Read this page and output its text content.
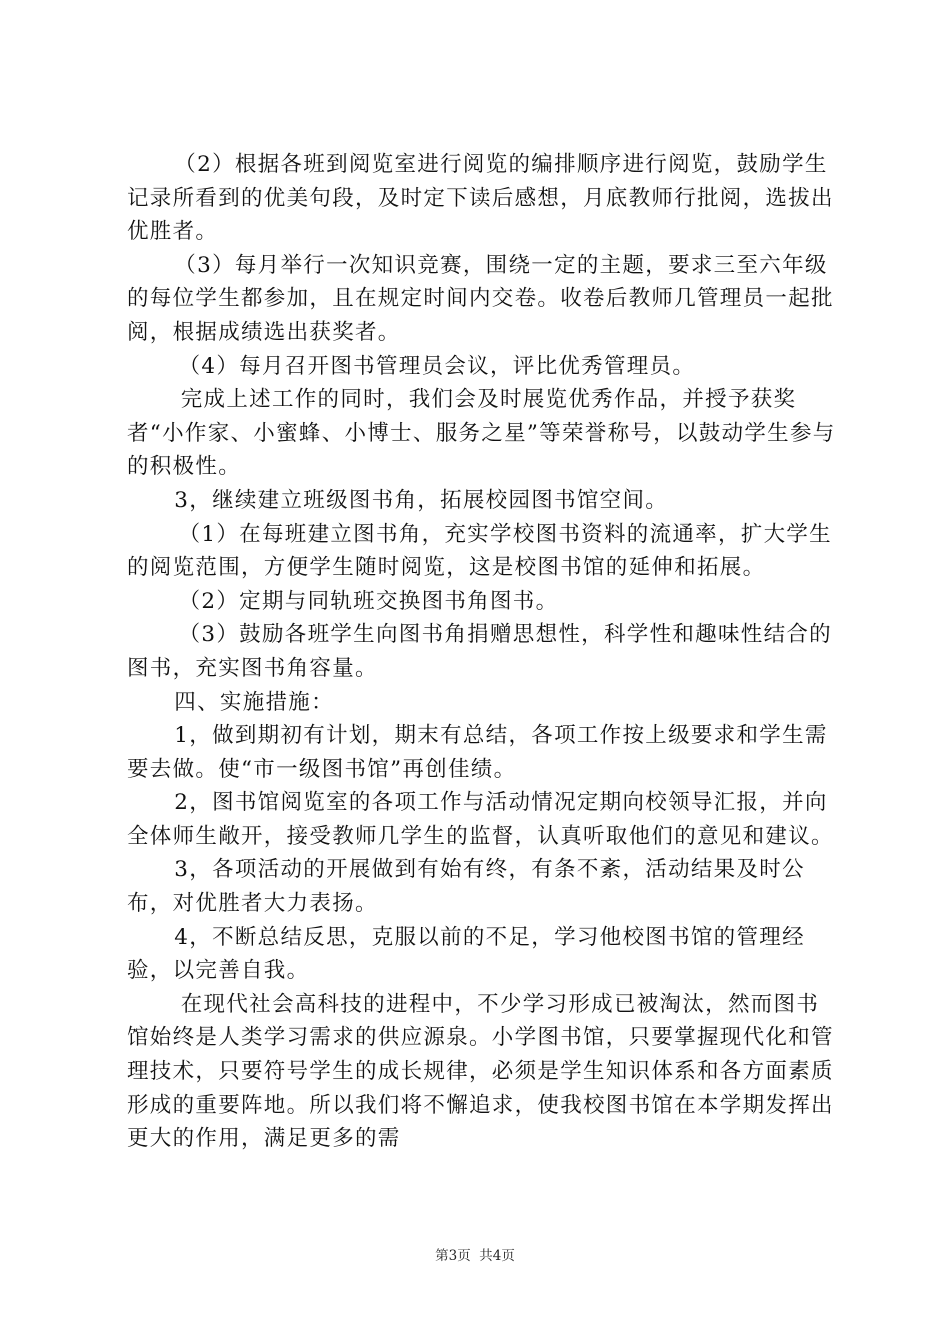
（2）根据各班到阅览室进行阅览的编排顺序进行阅览，鼓励学生记录所看到的优美句段，及时定下读后感想，月底教师行批阅，选拔出优胜者。

（3）每月举行一次知识竞赛，围绕一定的主题，要求三至六年级的每位学生都参加，且在规定时间内交卷。收卷后教师几管理员一起批阅，根据成绩选出获奖者。

（4）每月召开图书管理员会议，评比优秀管理员。

完成上述工作的同时，我们会及时展览优秀作品，并授予获奖者“小作家、小蜜蜂、小博士、服务之星”等荣誉称号，以鼓动学生参与的积极性。

3，继续建立班级图书角，拓展校园图书馆空间。

（1）在每班建立图书角，充实学校图书资料的流通率，扩大学生的阅览范围，方便学生随时阅览，这是校图书馆的延伸和拓展。

（2）定期与同轨班交换图书角图书。

（3）鼓励各班学生向图书角捐赠思想性，科学性和趣味性结合的图书，充实图书角容量。

四、实施措施：

1，做到期初有计划，期末有总结，各项工作按上级要求和学生需要去做。使“市一级图书馆”再创佳绩。

2，图书馆阅览室的各项工作与活动情况定期向校领导汇报，并向全体师生敞开，接受教师几学生的监督，认真听取他们的意见和建议。

3，各项活动的开展做到有始有终，有条不紊，活动结果及时公布，对优胜者大力表扬。

4，不断总结反思，克服以前的不足，学习他校图书馆的管理经验，以完善自我。

在现代社会高科技的进程中，不少学习形成已被淘汰，然而图书馆始终是人类学习需求的供应源泉。小学图书馆，只要掌握现代化和管理技术，只要符号学生的成长规律，必须是学生知识体系和各方面素质形成的重要阵地。所以我们将不懈追求，使我校图书馆在本学期发挥出更大的作用，满足更多的需

第3页 共4页
